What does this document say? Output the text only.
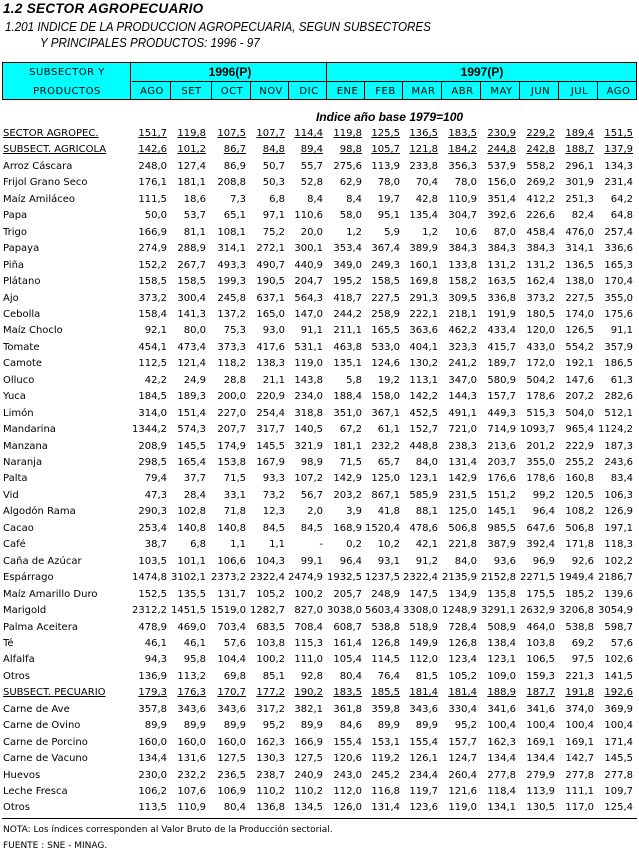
1.2 SECTOR AGROPECUARIO
1.201 INDICE DE LA PRODUCCION AGROPECUARIA, SEGUN SUBSECTORES
Y PRINCIPALES PRODUCTOS: 1996 - 97
SUBSECTOR Y
PRODUCTOS
1996(P)	1997(P)
AGO	SET	OCT	NOV	DIC	ENE	FEB	MAR	ABR	MAY	JUN	JUL	AGO
Indice año base 1979=100
SECTOR AGROPEC.	151,7 119,8 107,5 107,7 114,4 119,8 125,5 136,5 183,5 230,9 229,2 189,4 151,5
SUBSECT. AGRICOLA	142,6 101,2 86,7 84,8 89,4 98,8 105,7 121,8 184,2 244,8 242,8 188,7 137,9
Arroz Cáscara	248,0 127,4 86,9 50,7 55,7 275,6 113,9 233,8 356,3 537,9 558,2 296,1 134,3
Frijol Grano Seco	176,1 181,1 208,8 50,3 52,8 62,9 78,0 70,4 78,0 156,0 269,2 301,9 231,4
Maíz Amiláceo	111,5 18,6 7,3 6,8 8,4 8,4 19,7 42,8 110,9 351,4 412,2 251,3 64,2
Papa	50,0 53,7 65,1 97,1 110,6 58,0 95,1 135,4 304,7 392,6 226,6 82,4 64,8
Trigo	166,9 81,1 108,1 75,2 20,0 1,2 5,9 1,2 10,6 87,0 458,4 476,0 257,4
Papaya	274,9 288,9 314,1 272,1 300,1 353,4 367,4 389,9 384,3 384,3 384,3 314,1 336,6
Piña	152,2 267,7 493,3 490,7 440,9 349,0 249,3 160,1 133,8 131,2 131,2 136,5 165,3
Plátano	158,5 158,5 199,3 190,5 204,7 195,2 158,5 169,8 158,2 163,5 162,4 138,0 170,4
Ajo	373,2 300,4 245,8 637,1 564,3 418,7 227,5 291,3 309,5 336,8 373,2 227,5 355,0
Cebolla	158,4 141,3 137,2 165,0 147,0 244,2 258,9 222,1 218,1 191,9 180,5 174,0 175,6
Maíz Choclo	92,1 80,0 75,3 93,0 91,1 211,1 165,5 363,6 462,2 433,4 120,0 126,5 91,1
Tomate	454,1 473,4 373,3 417,6 531,1 463,8 533,0 404,1 323,3 415,7 433,0 554,2 357,9
Camote	112,5 121,4 118,2 138,3 119,0 135,1 124,6 130,2 241,2 189,7 172,0 192,1 186,5
Olluco	42,2 24,9 28,8 21,1 143,8 5,8 19,2 113,1 347,0 580,9 504,2 147,6 61,3
Yuca	184,5 189,3 200,0 220,9 234,0 188,4 158,0 142,2 144,3 157,7 178,6 207,2 282,6
Limón	314,0 151,4 227,0 254,4 318,8 351,0 367,1 452,5 491,1 449,3 515,3 504,0 512,1
Mandarina	1344,2 574,3 207,7 317,7 140,5 67,2 61,1 152,7 721,0 714,9 1093,7 965,4 1124,2
Manzana	208,9 145,5 174,9 145,5 321,9 181,1 232,2 448,8 238,3 213,6 201,2 222,9 187,3
Naranja	298,5 165,4 153,8 167,9 98,9 71,5 65,7 84,0 131,4 203,7 355,0 255,2 243,6
Palta	79,4 37,7 71,5 93,3 107,2 142,9 125,0 123,1 142,9 176,6 178,6 160,8 83,4
Vid	47,3 28,4 33,1 73,2 56,7 203,2 867,1 585,9 231,5 151,2 99,2 120,5 106,3
Algodón Rama	290,3 102,8 71,8 12,3 2,0 3,9 41,8 88,1 125,0 145,1 96,4 108,2 126,9
Cacao	253,4 140,8 140,8 84,5 84,5 168,9 1520,4 478,6 506,8 985,5 647,6 506,8 197,1
Café	38,7 6,8 1,1 1,1	- 0,2 10,2 42,1 221,8 387,9 392,4 171,8 118,3
Caña de Azúcar	103,5 101,1 106,6 104,3 99,1 96,4 93,1 91,2 84,0 93,6 96,9 92,6 102,2
Espárrago	1474,8 3102,1 2373,2 2322,4 2474,9 1932,5 1237,5 2322,4 2135,9 2152,8 2271,5 1949,4 2186,7
Maíz Amarillo Duro	152,5 135,5 131,7 105,2 100,2 205,7 248,9 147,5 134,9 135,8 175,5 185,2 139,6
Marigold	2312,2 1451,5 1519,0 1282,7 827,0 3038,0 5603,4 3308,0 1248,9 3291,1 2632,9 3206,8 3054,9
Palma Aceitera	478,9 469,0 703,4 683,5 708,4 608,7 538,8 518,9 728,4 508,9 464,0 538,8 598,7
Té	46,1 46,1 57,6 103,8 115,3 161,4 126,8 149,9 126,8 138,4 103,8 69,2 57,6
Alfalfa	94,3 95,8 104,4 100,2 111,0 105,4 114,5 112,0 123,4 123,1 106,5 97,5 102,6
Otros	136,9 113,2 69,8 85,1 92,8 80,4 76,4 81,5 105,2 109,0 159,3 221,3 141,5
SUBSECT. PECUARIO	179,3 176,3 170,7 177,2 190,2 183,5 185,5 181,4 181,4 188,9 187,7 191,8 192,6
Carne de Ave	357,8 343,6 343,6 317,2 382,1 361,8 359,8 343,6 330,4 341,6 341,6 374,0 369,9
Carne de Ovino	89,9 89,9 89,9 95,2 89,9 84,6 89,9 89,9 95,2 100,4 100,4 100,4 100,4
Carne de Porcino	160,0 160,0 160,0 162,3 166,9 155,4 153,1 155,4 157,7 162,3 169,1 169,1 171,4
Carne de Vacuno	134,4 131,6 127,5 130,3 127,5 120,6 119,2 126,1 124,7 134,4 134,4 142,7 145,5
Huevos	230,0 232,2 236,5 238,7 240,9 243,0 245,2 234,4 260,4 277,8 279,9 277,8 277,8
Leche Fresca	106,2 107,6 106,9 110,2 110,2 112,0 116,8 119,7 121,6 118,4 113,9 111,1 109,7
Otros	113,5 110,9 80,4 136,8 134,5 126,0 131,4 123,6 119,0 134,1 130,5 117,0 125,4
NOTA: Los índices corresponden al Valor Bruto de la Producción sectorial.
FUENTE : SNE - MINAG.
